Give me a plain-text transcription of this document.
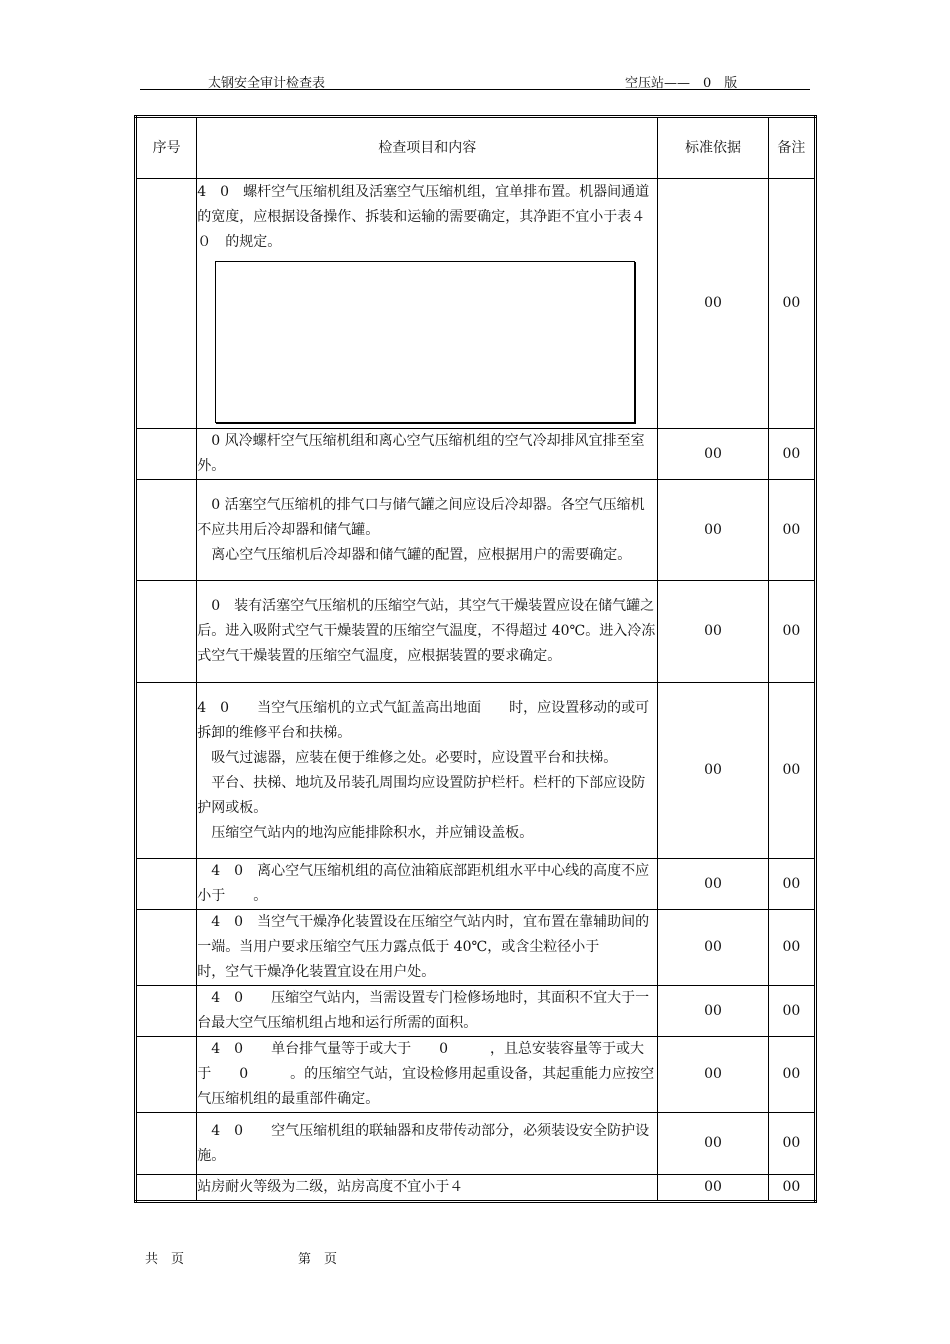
太钢安全审计检查表	空压站——　0　版
序号	检查项目和内容	标准依据	备注

	4　0　螺杆空气压缩机组及活塞空气压缩机组，宜单排布置。机器间通道的宽度，应根据设备操作、拆装和运输的需要确定，其净距不宜小于表４　０　的规定。	00	00

	　0 风冷螺杆空气压缩机组和离心空气压缩机组的空气冷却排风宜排至室外。	00	00

	　0 活塞空气压缩机的排气口与储气罐之间应设后冷却器。各空气压缩机不应共用后冷却器和储气罐。
　离心空气压缩机后冷却器和储气罐的配置，应根据用户的需要确定。	00	00

	　0　装有活塞空气压缩机的压缩空气站，其空气干燥装置应设在储气罐之后。进入吸附式空气干燥装置的压缩空气温度，不得超过 40℃。进入冷冻式空气干燥装置的压缩空气温度，应根据装置的要求确定。	00	00

	4　0　　当空气压缩机的立式气缸盖高出地面　　时，应设置移动的或可拆卸的维修平台和扶梯。
　吸气过滤器，应装在便于维修之处。必要时，应设置平台和扶梯。
　平台、扶梯、地坑及吊装孔周围均应设置防护栏杆。栏杆的下部应设防护网或板。
　压缩空气站内的地沟应能排除积水，并应铺设盖板。	00	00

	　4　0　离心空气压缩机组的高位油箱底部距机组水平中心线的高度不应小于　　。	00	00

	　4　0　当空气干燥净化装置设在压缩空气站内时，宜布置在靠辅助间的一端。当用户要求压缩空气压力露点低于 40℃，或含尘粒径小于　　　时，空气干燥净化装置宜设在用户处。	00	00

	　4　0　　压缩空气站内，当需设置专门检修场地时，其面积不宜大于一台最大空气压缩机组占地和运行所需的面积。	00	00

	　4　0　　单台排气量等于或大于　　0　　　，且总安装容量等于或大于　　0　　　。的压缩空气站，宜设检修用起重设备，其起重能力应按空气压缩机组的最重部件确定。	00	00

	　4　0　　空气压缩机组的联轴器和皮带传动部分，必须装设安全防护设施。	00	00

	站房耐火等级为二级，站房高度不宜小于４	00	00
共　页	第　页
